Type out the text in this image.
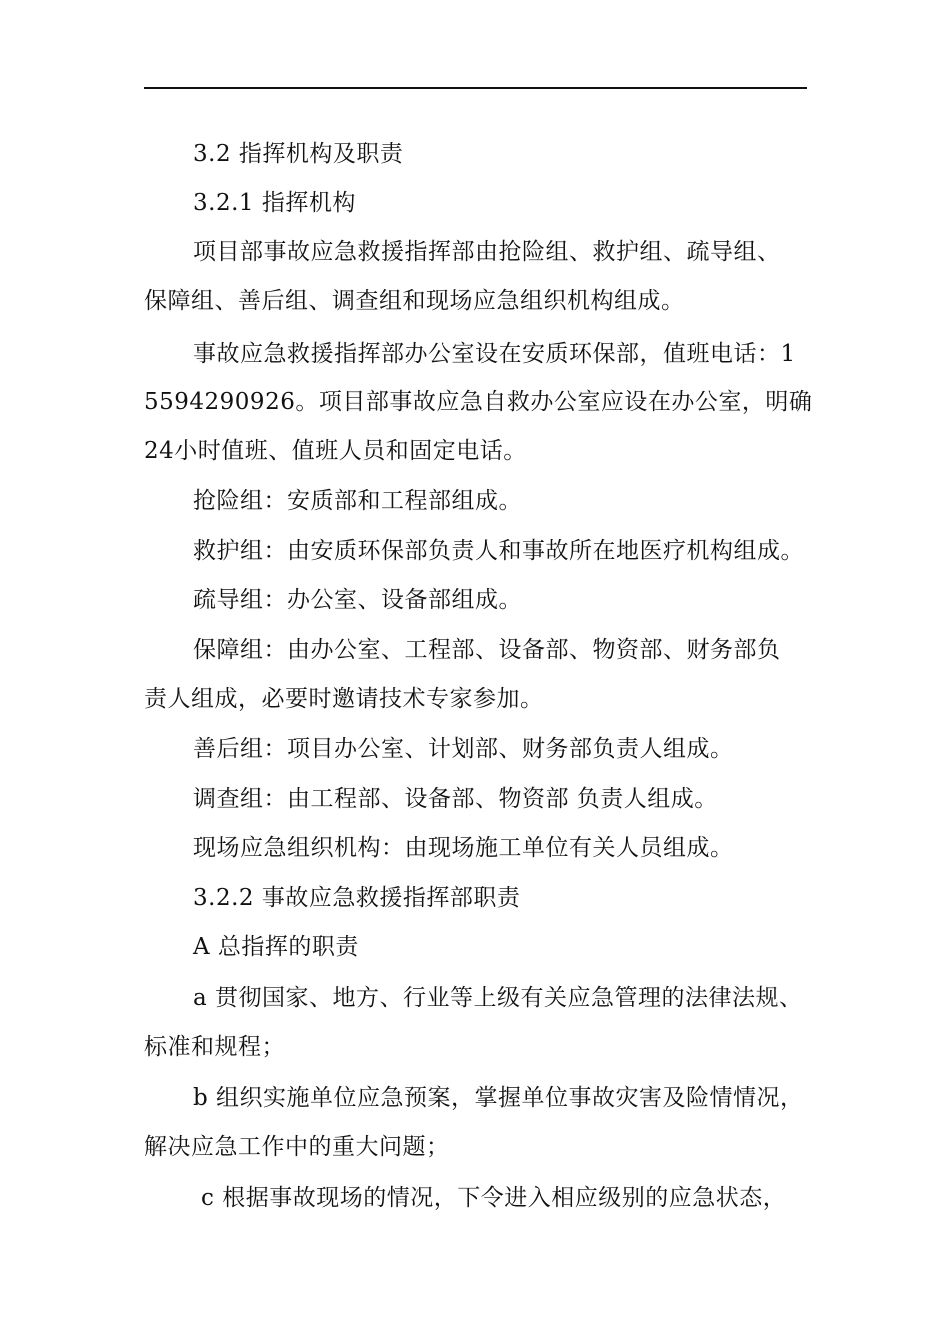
3.2 指挥机构及职责
3.2.1 指挥机构
项目部事故应急救援指挥部由抢险组、救护组、疏导组、
保障组、善后组、调查组和现场应急组织机构组成。
事故应急救援指挥部办公室设在安质环保部，值班电话：1
5594290926。项目部事故应急自救办公室应设在办公室，明确
24小时值班、值班人员和固定电话。
抢险组：安质部和工程部组成。
救护组：由安质环保部负责人和事故所在地医疗机构组成。
疏导组：办公室、设备部组成。
保障组：由办公室、工程部、设备部、物资部、财务部负
责人组成，必要时邀请技术专家参加。
善后组：项目办公室、计划部、财务部负责人组成。
调查组：由工程部、设备部、物资部 负责人组成。
现场应急组织机构：由现场施工单位有关人员组成。
3.2.2 事故应急救援指挥部职责
A 总指挥的职责
a 贯彻国家、地方、行业等上级有关应急管理的法律法规、
标准和规程；
b 组织实施单位应急预案，掌握单位事故灾害及险情情况，
解决应急工作中的重大问题；
c 根据事故现场的情况，下令进入相应级别的应急状态，
